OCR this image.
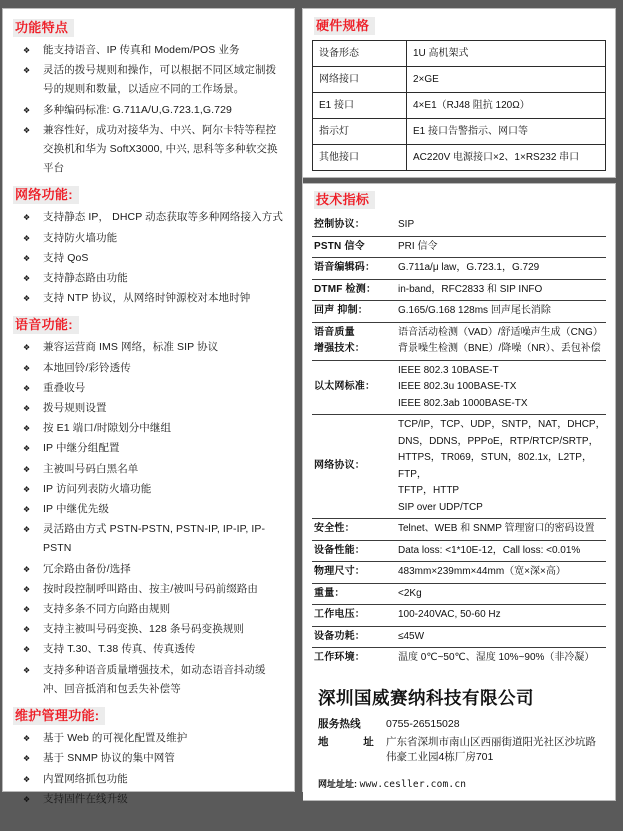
功能特点
❖ 能支持语音、IP 传真和 Modem/POS 业务
❖ 灵活的拨号规则和操作，可以根据不同区域定制拨号的规则和数量，以适应不同的工作场景。
❖ 多种编码标准: G.711A/U,G.723.1,G.729
❖ 兼容性好，成功对接华为、中兴、阿尔卡特等程控交换机和华为 SoftX3000, 中兴, 思科等多种软交换平台
网络功能:
❖ 支持静态 IP， DHCP 动态获取等多种网络接入方式
❖ 支持防火墙功能
❖ 支持 QoS
❖ 支持静态路由功能
❖ 支持 NTP 协议，从网络时钟源校对本地时钟
语音功能:
❖ 兼容运营商 IMS 网络，标准 SIP 协议
❖ 本地回铃/彩铃透传
❖ 重叠收号
❖ 拨号规则设置
❖ 按 E1 端口/时隙划分中继组
❖ IP 中继分组配置
❖ 主被叫号码白黑名单
❖ IP 访问列表防火墙功能
❖ IP 中继优先级
❖ 灵活路由方式 PSTN-PSTN, PSTN-IP, IP-IP, IP-PSTN
❖ 冗余路由备份/选择
❖ 按时段控制呼叫路由、按主/被叫号码前缀路由
❖ 支持多条不同方向路由规则
❖ 支持主被叫号码变换、128 条号码变换规则
❖ 支持 T.30、T.38 传真、传真透传
❖ 支持多种语音质量增强技术，如动态语音抖动缓冲、回音抵消和包丢失补偿等
维护管理功能:
❖ 基于 Web 的可视化配置及维护
❖ 基于 SNMP 协议的集中网管
❖ 内置网络抓包功能
❖ 支持固件在线升级
硬件规格
设备形态	1U 高机架式
网络接口	2×GE
E1 接口	4×E1（RJ48 阻抗 120Ω）
指示灯	E1 接口告警指示、网口等
其他接口	AC220V 电源接口×2、1×RS232 串口
技术指标
控制协议：	SIP

PSTN 信令	PRI 信令

语音编辑码：	G.711a/μ law，G.723.1，G.729

DTMF 检测：	in-band，RFC2833 和 SIP INFO

回声 抑制：	G.165/G.168 128ms 回声尾长消除

语音质量
增强技术：	语音活动检测（VAD）/舒适噪声生成（CNG）
背景噪生检测（BNE）/降噪（NR）、丢包补偿

以太网标准：	IEEE 802.3 10BASE-T
IEEE 802.3u 100BASE-TX
IEEE 802.3ab 1000BASE-TX

网络协议：	TCP/IP，TCP、UDP，SNTP，NAT，DHCP，
DNS，DDNS，PPPoE，RTP/RTCP/SRTP，
HTTPS，TR069，STUN，802.1x，L2TP，FTP，
TFTP，HTTP
SIP over UDP/TCP

安全性：	Telnet、WEB 和 SNMP 管理窗口的密码设置

设备性能：	Data loss: <1*10E-12，Call loss: <0.01%

物理尺寸：	483mm×239mm×44mm（宽×深×高）

重量：	<2Kg

工作电压：	100-240VAC, 50-60 Hz

设备功耗：	≤45W

工作环境：	温度 0℃~50℃、湿度 10%~90%（非冷凝）
深圳国威赛纳科技有限公司
服务热线	0755-26515028
地	址 广东省深圳市南山区西丽街道阳光社区沙坑路伟豪工业园4栋厂房701
网址址址: www.cesller.com.cn
